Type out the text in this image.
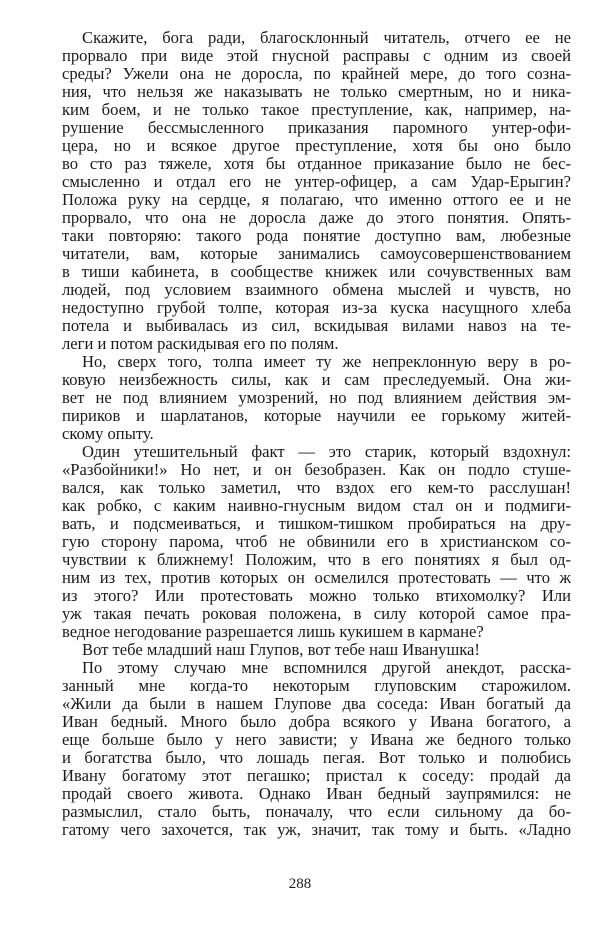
Скажите, бога ради, благосклонный читатель, отчего ее не
прорвало при виде этой гнусной расправы с одним из своей
среды? Ужели она не доросла, по крайней мере, до того созна-
ния, что нельзя же наказывать не только смертным, но и никa-
ким боем, и не только такое преступление, как, например, на-
рушение бессмысленного приказания паромного унтер-офи-
цера, но и всякое другое преступление, хотя бы оно было
во сто раз тяжеле, хотя бы отданное приказание было не бес-
смысленно и отдал его не унтер-офицер, а сам Удар-Ерыгин?
Положа руку на сердце, я полагаю, что именно оттого ее и не
прорвало, что она не доросла даже до этого понятия. Опять-
таки повторяю: такого рода понятие доступно вам, любезные
читатели, вам, которые занимались самоусовершенствованием
в тиши кабинета, в сообществе книжек или сочувственных вам
людей, под условием взаимного обмена мыслей и чувств, но
недоступно грубой толпе, которая из-за куска насущного хлеба
потела и выбивалась из сил, вскидывая вилами навоз на те-
леги и потом раскидывая его по полям.
Но, сверх того, толпа имеет ту же непреклонную веру в ро-
ковую неизбежность силы, как и сам преследуемый. Она жи-
вет не под влиянием умозрений, но под влиянием действия эм-
пириков и шарлатанов, которые научили ее горькому житей-
скому опыту.
Один утешительный факт — это старик, который вздохнул:
«Разбойники!» Но нет, и он безобразен. Как он подло стуше-
вался, как только заметил, что вздох его кем-то расслушан!
как робко, с каким наивно-гнусным видом стал он и подмиги-
вать, и подсмеиваться, и тишком-тишком пробираться на дру-
гую сторону парома, чтоб не обвинили его в христианском со-
чувствии к ближнему! Положим, что в его понятиях я был од-
ним из тех, против которых он осмелился протестовать — что ж
из этого? Или протестовать можно только втихомолку? Или
уж такая печать роковая положена, в силу которой самое пра-
ведное негодование разрешается лишь кукишем в кармане?
Вот тебе младший наш Глупов, вот тебе наш Иванушка!
По этому случаю мне вспомнился другой анекдот, расска-
занный мне когда-то некоторым глуповским старожилом.
«Жили да были в нашем Глупове два соседа: Иван богатый да
Иван бедный. Много было добра всякого у Ивана богатого, а
еще больше было у него зависти; у Ивана же бедного только
и богатства было, что лошадь пегая. Вот только и полюбись
Ивану богатому этот пегашко; пристал к соседу: продай да
продай своего живота. Однако Иван бедный заупрямился: не
размыслил, стало быть, поначалу, что если сильному да бо-
гатому чего захочется, так уж, значит, так тому и быть. «Ладно
288
